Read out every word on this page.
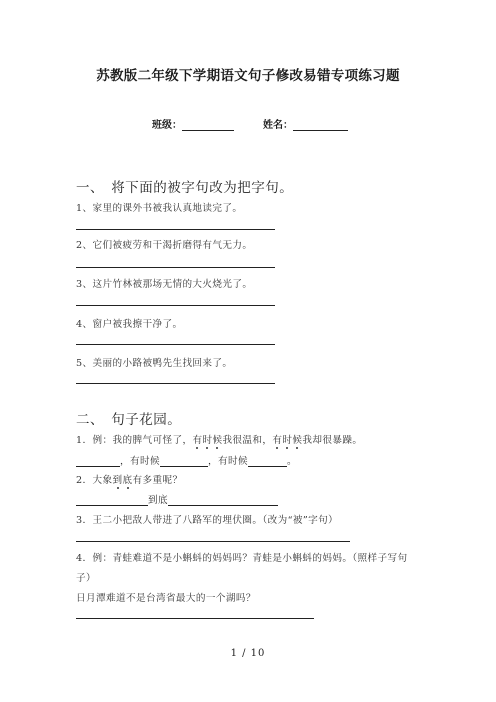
苏教版二年级下学期语文句子修改易错专项练习题
班级：	姓名：
一、　将下面的被字句改为把字句。
1、家里的课外书被我认真地读完了。
2、它们被疲劳和干渴折磨得有气无力。
3、这片竹林被那场无情的大火烧光了。
4、窗户被我擦干净了。
5、美丽的小路被鸭先生找回来了。
二、　句子花园。
1．例：我的脾气可怪了，有时候我很温和，有时候我却很暴躁。
，有时候	，有时候	。
2．大象到底有多重呢？
到底
3．王二小把敌人带进了八路军的埋伏圈。（改为“被”字句）
4．例：青蛙难道不是小蝌蚪的妈妈吗？青蛙是小蝌蚪的妈妈。（照样子写句
子）
日月潭难道不是台湾省最大的一个湖吗？
1 / 10
